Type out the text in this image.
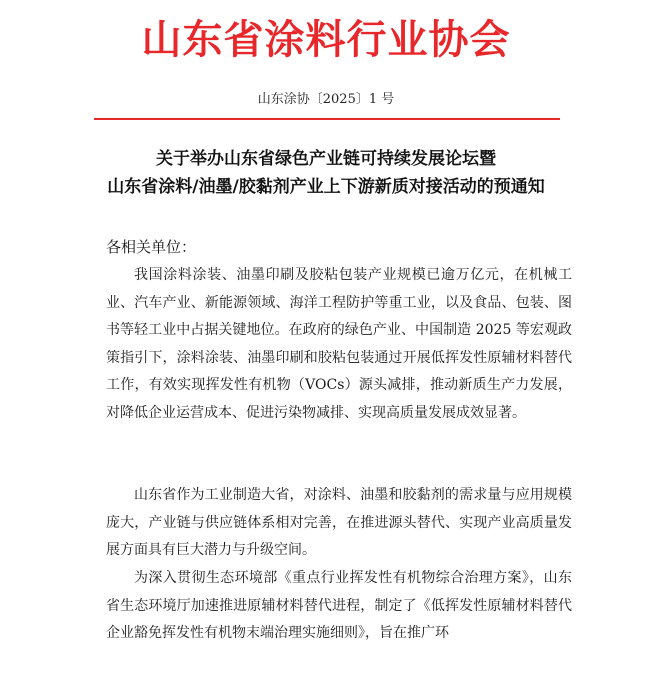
山东省涂料行业协会
山东涂协〔2025〕1 号
关于举办山东省绿色产业链可持续发展论坛暨
山东省涂料/油墨/胶黏剂产业上下游新质对接活动的预通知
各相关单位：

我国涂料涂装、油墨印刷及胶粘包装产业规模已逾万亿元，在机械工业、汽车产业、新能源领域、海洋工程防护等重工业，以及食品、包装、图书等轻工业中占据关键地位。在政府的绿色产业、中国制造 2025 等宏观政策指引下，涂料涂装、油墨印刷和胶粘包装通过开展低挥发性原辅材料替代工作，有效实现挥发性有机物（VOCs）源头减排，推动新质生产力发展，对降低企业运营成本、促进污染物减排、实现高质量发展成效显著。

山东省作为工业制造大省，对涂料、油墨和胶黏剂的需求量与应用规模庞大，产业链与供应链体系相对完善，在推进源头替代、实现产业高质量发展方面具有巨大潜力与升级空间。

为深入贯彻生态环境部《重点行业挥发性有机物综合治理方案》，山东省生态环境厅加速推进原辅材料替代进程，制定了《低挥发性原辅材料替代企业豁免挥发性有机物末端治理实施细则》，旨在推广环
